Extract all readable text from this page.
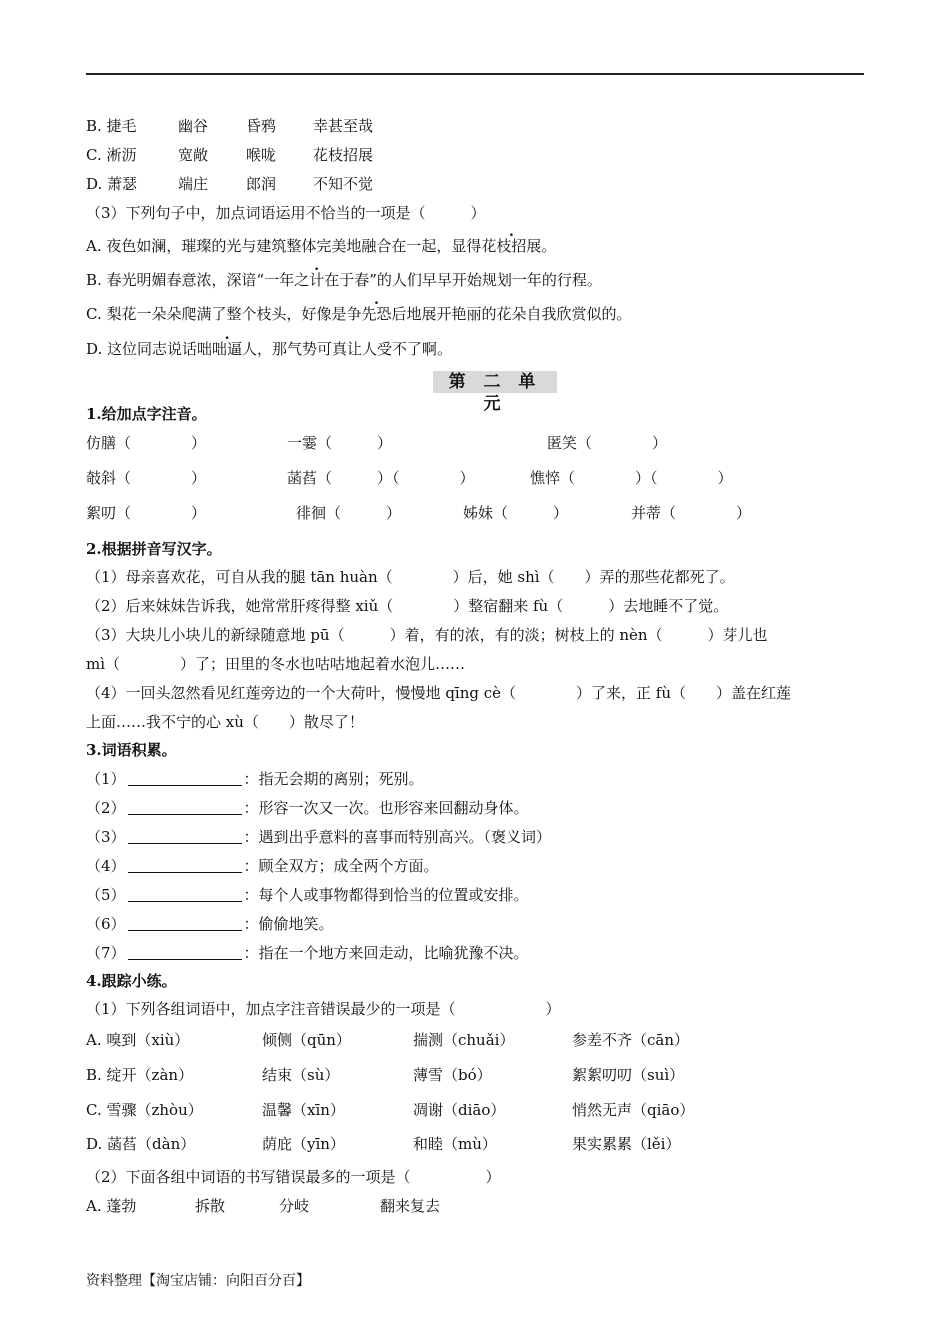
B. 捷毛	幽谷	昏鸦 幸甚至哉
C. 淅沥	宽敞	喉咙 花枝招展
D. 萧瑟	端庄	郎润 不知不觉
（3）下列句子中，加点词语运用不恰当的一项是（　　　）
A. 夜色如澜，璀璨的光与建筑整体完美地融合在一起，显得花枝招展。
B. 春光明媚春意浓，深谙“. 一年之计在于春”的人们早早开始规划一年的行程。
C. 梨花一朵朵爬满了整个枝头，好像是争先恐后地展开艳丽的花朵自我欣赏似的。
D. 这位同志说话咄咄逼人，那气势可真让人受不了啊。
第 二 单 元
1.给加点字注音。
仿膳（　　　　）	一霎（　　　）	匿笑（　　　　）
攲斜（　　　　）	菡萏（　　　）（　　　　）	憔悴（　　　　）（　　　　）
絮叨（　　　　）	徘徊（　　　）	姊妹（　　　）	并蒂（　　　　）
2.根据拼音写汉字。
（1）母亲喜欢花，可自从我的腿 tān huàn（　　　　）后，她 shì（　　）弄的那些花都死了。
（2）后来妹妹告诉我，她常常肝疼得整 xiǔ（　　　　）整宿翻来 fù（　　　）去地睡不了觉。
（3）大块儿小块儿的新绿随意地 pū（　　　）着，有的浓，有的淡；树枝上的 nèn（　　　）芽儿也
mì（　　　　）了；田里的冬水也咕咕地起着水泡儿……
（4）一回头忽然看见红莲旁边的一个大荷叶，慢慢地 qīng cè（　　　　）了来，正 fù（　　）盖在红莲
上面……我不宁的心 xù（　　）散尽了！
3.词语积累。
（1）	：指无会期的离别；死别。
（2）	：形容一次又一次。也形容来回翻动身体。
（3）	：遇到出乎意料的喜事而特别高兴。（褒义词）
（4）	：顾全双方；成全两个方面。
（5）	：每个人或事物都得到恰当的位置或安排。
（6）	：偷偷地笑。
（7）	：指在一个地方来回走动，比喻犹豫不决。
4.跟踪小练。
（1）下列各组词语中，加点字注音错误最少的一项是（　　　　　　）
A. 嗅到（xiù）	倾侧（qūn）	揣测（chuǎi）	参差不齐（cān）
B. 绽开（zàn）	结束（sù）	薄雪（bó）	絮絮叨叨（suì）
C. 雪骤（zhòu）	温馨（xīn）	凋谢（diāo）	悄然无声（qiāo）
D. 菡萏（dàn）	荫庇（yīn）	和睦（mù）	果实累累（lěi）
（2）下面各组中词语的书写错误最多的一项是（　　　　　）
A. 蓬勃	拆散	分岐	翻来复去
资料整理【淘宝店铺：向阳百分百】
